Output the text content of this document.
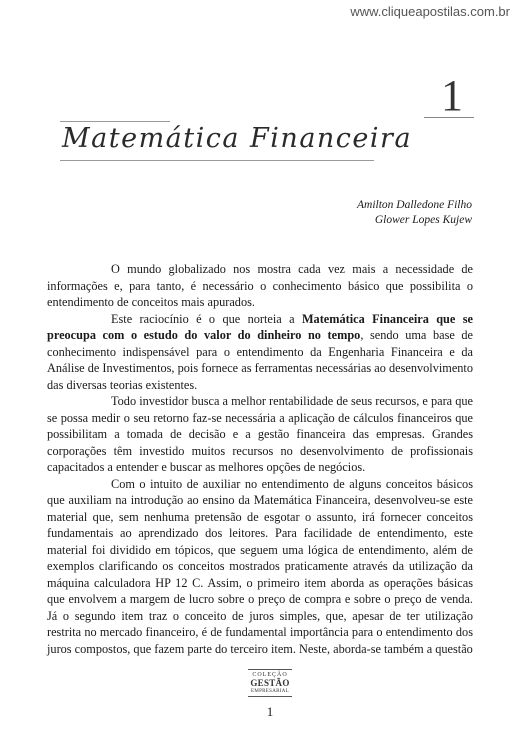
www.cliqueapostilas.com.br
1
Matemática Financeira
Amilton Dalledone Filho
Glower Lopes Kujew

O mundo globalizado nos mostra cada vez mais a necessidade de informações e, para tanto, é necessário o conhecimento básico que possibilita o entendimento de conceitos mais apurados.

Este raciocínio é o que norteia a Matemática Financeira que se preocupa com o estudo do valor do dinheiro no tempo, sendo uma base de conhecimento indispensável para o entendimento da Engenharia Financeira e da Análise de Investimentos, pois fornece as ferramentas necessárias ao desenvolvimento das diversas teorias existentes.

Todo investidor busca a melhor rentabilidade de seus recursos, e para que se possa medir o seu retorno faz-se necessária a aplicação de cálculos financeiros que possibilitam a tomada de decisão e a gestão financeira das empresas. Grandes corporações têm investido muitos recursos no desenvolvimento de profissionais capacitados a entender e buscar as melhores opções de negócios.

Com o intuito de auxiliar no entendimento de alguns conceitos básicos que auxiliam na introdução ao ensino da Matemática Financeira, desenvolveu-se este material que, sem nenhuma pretensão de esgotar o assunto, irá fornecer conceitos fundamentais ao aprendizado dos leitores. Para facilidade de entendimento, este material foi dividido em tópicos, que seguem uma lógica de entendimento, além de exemplos clarificando os conceitos mostrados praticamente através da utilização da máquina calculadora HP 12 C. Assim, o primeiro item aborda as operações básicas que envolvem a margem de lucro sobre o preço de compra e sobre o preço de venda. Já o segundo item traz o conceito de juros simples, que, apesar de ter utilização restrita no mercado financeiro, é de fundamental importância para o entendimento dos juros compostos, que fazem parte do terceiro item. Neste, aborda-se também a questão

COLEÇÃO
GESTÃO
EMPRESARIAL
1
